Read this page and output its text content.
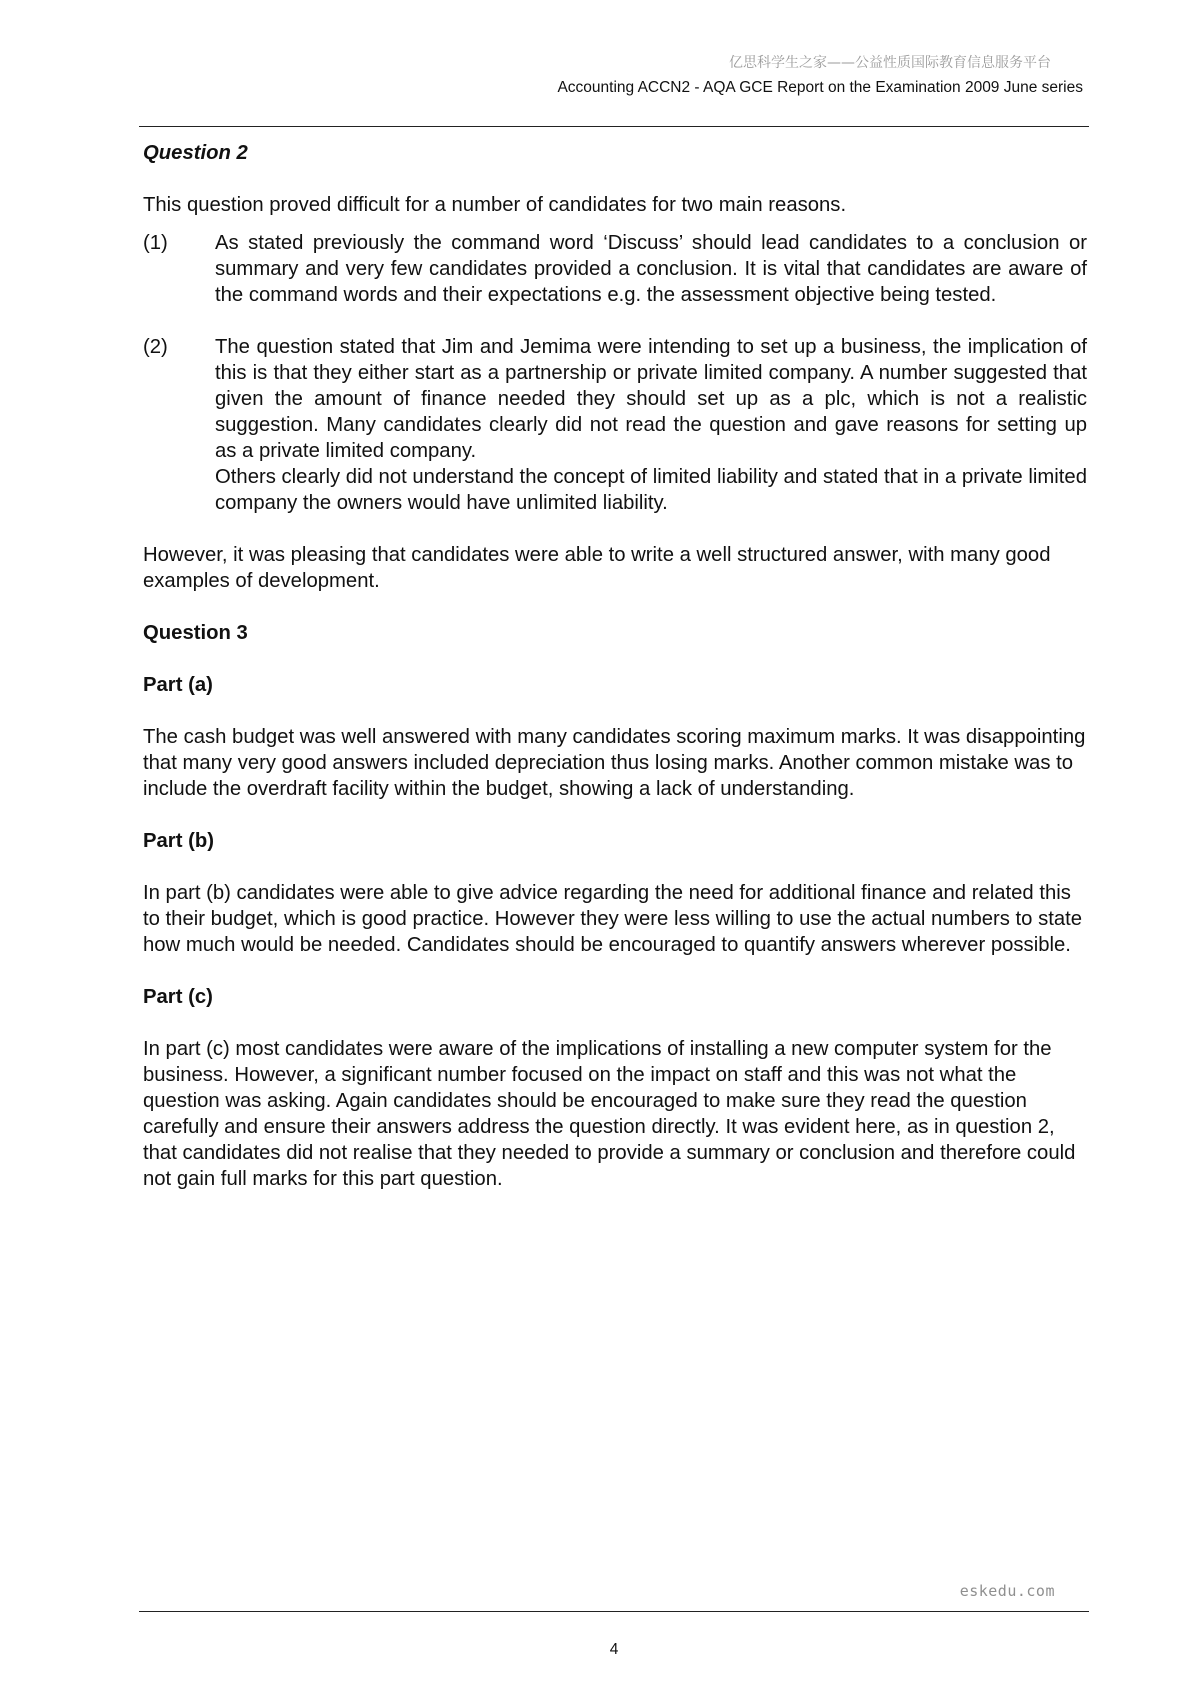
亿思科学生之家——公益性质国际教育信息服务平台
Accounting ACCN2 - AQA GCE Report on the Examination 2009 June series

Question 2

This question proved difficult for a number of candidates for two main reasons.

(1) As stated previously the command word ‘Discuss’ should lead candidates to a conclusion or summary and very few candidates provided a conclusion. It is vital that candidates are aware of the command words and their expectations e.g. the assessment objective being tested.

(2) The question stated that Jim and Jemima were intending to set up a business, the implication of this is that they either start as a partnership or private limited company. A number suggested that given the amount of finance needed they should set up as a plc, which is not a realistic suggestion. Many candidates clearly did not read the question and gave reasons for setting up as a private limited company.

Others clearly did not understand the concept of limited liability and stated that in a private limited company the owners would have unlimited liability.

However, it was pleasing that candidates were able to write a well structured answer, with many good examples of development.

Question 3

Part (a)

The cash budget was well answered with many candidates scoring maximum marks. It was disappointing that many very good answers included depreciation thus losing marks. Another common mistake was to include the overdraft facility within the budget, showing a lack of understanding.

Part (b)

In part (b) candidates were able to give advice regarding the need for additional finance and related this to their budget, which is good practice. However they were less willing to use the actual numbers to state how much would be needed. Candidates should be encouraged to quantify answers wherever possible.

Part (c)

In part (c) most candidates were aware of the implications of installing a new computer system for the business. However, a significant number focused on the impact on staff and this was not what the question was asking. Again candidates should be encouraged to make sure they read the question carefully and ensure their answers address the question directly. It was evident here, as in question 2, that candidates did not realise that they needed to provide a summary or conclusion and therefore could not gain full marks for this part question.

eskedu.com
4
